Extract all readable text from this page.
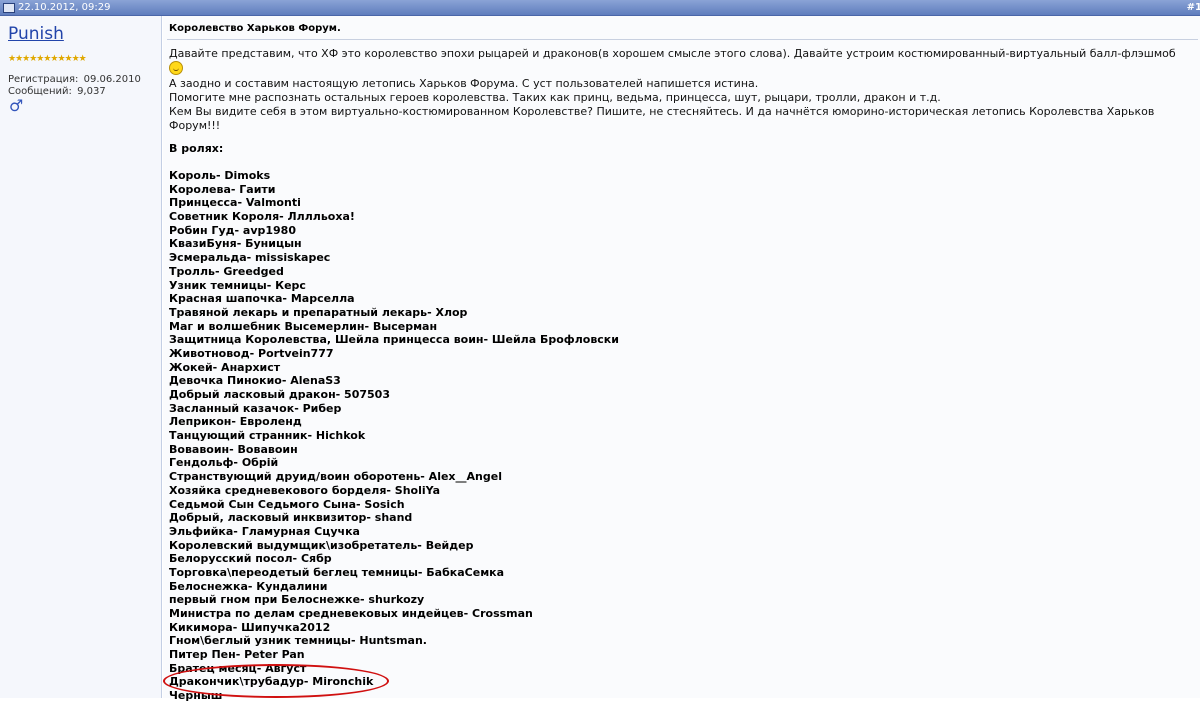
22.10.2012, 09:29	#1
Punish
★★★★★★★★★★★
Регистрация: 09.06.2010
Сообщений: 9,037
♂
Королевство Харьков Форум.
Давайте представим, что ХФ это королевство эпохи рыцарей и драконов(в хорошем смысле этого слова). Давайте устроим костюмированный-виртуальный балл-флэшмоб
А заодно и составим настоящую летопись Харьков Форума. С уст пользователей напишется истина.
Помогите мне распознать остальных героев королевства. Таких как принц, ведьма, принцесса, шут, рыцари, тролли, дракон и т.д.
Кем Вы видите себя в этом виртуально-костюмированном Королевстве? Пишите, не стесняйтесь. И да начнётся юморино-историческая летопись Королевства Харьков Форум!!!
В ролях:
Король- Dimoks
Королева- Гаити
Принцесса- Valmonti
Советник Короля- Лллльоха!
Робин Гуд- avp1980
КвазиБуня- Буницын
Эсмеральда- missiskapec
Тролль- Greedged
Узник темницы- Керс
Красная шапочка- Марселла
Травяной лекарь и препаратный лекарь- Хлор
Маг и волшебник Высемерлин- Высерман
Защитница Королевства, Шейла принцесса воин- Шейла Брофловски
Животновод- Portvein777
Жокей- Анархист
Девочка Пинокио- AlenaS3
Добрый ласковый дракон- 507503
Засланный казачок- Рибер
Леприкон- Евроленд
Танцующий странник- Hichkok
Вовавоин- Вовавоин
Гендольф- Обрій
Странствующий друид/воин оборотень- Alex__Angel
Хозяйка средневекового борделя- SholiYa
Седьмой Сын Седьмого Сына- Sosich
Добрый, ласковый инквизитор- shand
Эльфийка- Гламурная Сцучка
Королевский выдумщик\изобретатель- Вейдер
Белорусский посол- Сябр
Торговка\переодетый беглец темницы- БабкаСемка
Белоснежка- Кундалини
первый гном при Белоснежке- shurkozy
Министра по делам средневековых индейцев- Crossman
Кикимора- Шипучка2012
Гном\беглый узник темницы- Huntsman.
Питер Пен- Peter Pan
Братец месяц- Август
Дракончик\трубадур- Mironchik
Черныш
